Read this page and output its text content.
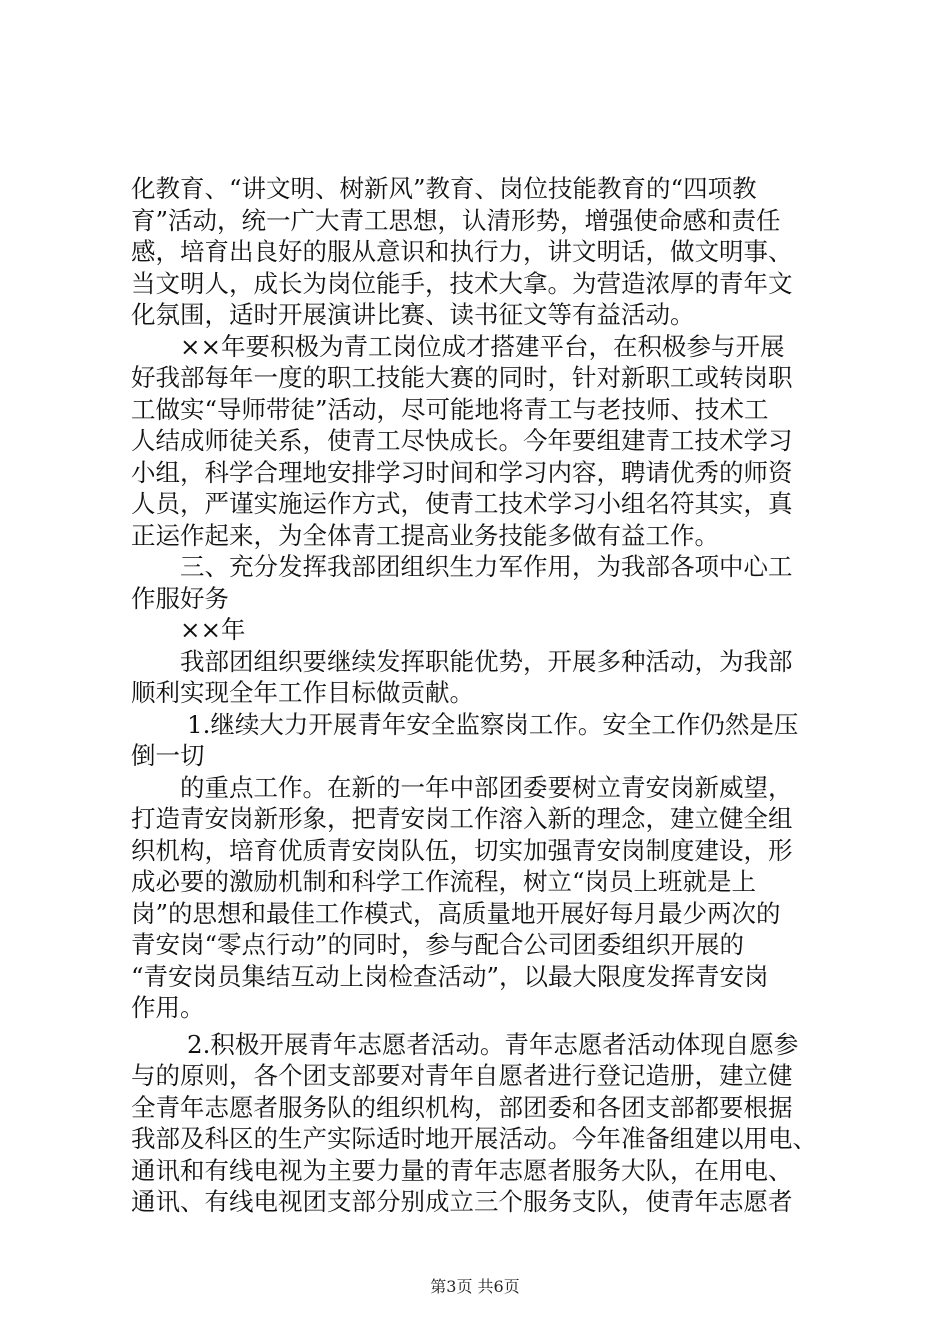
化教育、“讲文明、树新风”教育、岗位技能教育的“四项教
育”活动，统一广大青工思想，认清形势，增强使命感和责任
感，培育出良好的服从意识和执行力，讲文明话，做文明事、
当文明人，成长为岗位能手，技术大拿。为营造浓厚的青年文
化氛围，适时开展演讲比赛、读书征文等有益活动。
××年要积极为青工岗位成才搭建平台，在积极参与开展
好我部每年一度的职工技能大赛的同时，针对新职工或转岗职
工做实“导师带徒”活动，尽可能地将青工与老技师、技术工
人结成师徒关系，使青工尽快成长。今年要组建青工技术学习
小组，科学合理地安排学习时间和学习内容，聘请优秀的师资
人员，严谨实施运作方式，使青工技术学习小组名符其实，真
正运作起来，为全体青工提高业务技能多做有益工作。
三、充分发挥我部团组织生力军作用，为我部各项中心工
作服好务
××年
我部团组织要继续发挥职能优势，开展多种活动，为我部
顺利实现全年工作目标做贡献。
1.继续大力开展青年安全监察岗工作。安全工作仍然是压
倒一切
的重点工作。在新的一年中部团委要树立青安岗新威望，
打造青安岗新形象，把青安岗工作溶入新的理念，建立健全组
织机构，培育优质青安岗队伍，切实加强青安岗制度建设，形
成必要的激励机制和科学工作流程，树立“岗员上班就是上
岗”的思想和最佳工作模式，高质量地开展好每月最少两次的
青安岗“零点行动”的同时，参与配合公司团委组织开展的
“青安岗员集结互动上岗检查活动”，以最大限度发挥青安岗
作用。
2.积极开展青年志愿者活动。青年志愿者活动体现自愿参
与的原则，各个团支部要对青年自愿者进行登记造册，建立健
全青年志愿者服务队的组织机构，部团委和各团支部都要根据
我部及科区的生产实际适时地开展活动。今年准备组建以用电、
通讯和有线电视为主要力量的青年志愿者服务大队，在用电、
通讯、有线电视团支部分别成立三个服务支队，使青年志愿者
第3页 共6页
